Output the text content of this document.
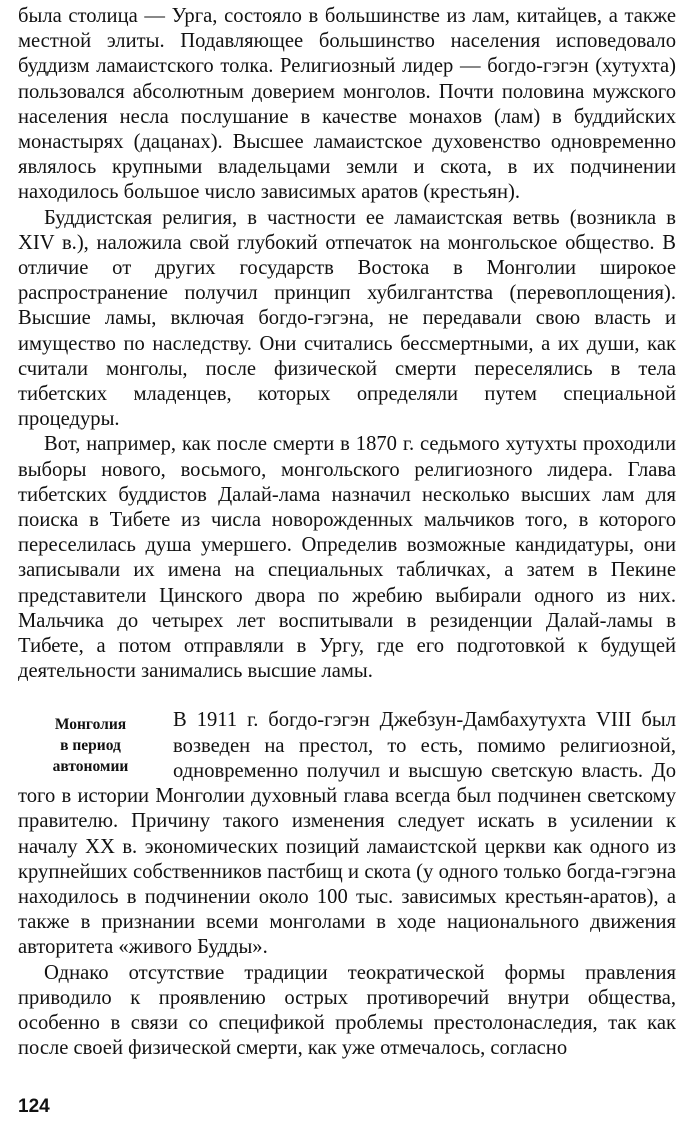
была столица — Урга, состояло в большинстве из лам, китайцев, а также местной элиты. Подавляющее большинство населения исповедовало буддизм ламаистского толка. Религиозный лидер — богдо-гэгэн (хутухта) пользовался абсолютным доверием монголов. Почти половина мужского населения несла послушание в качестве монахов (лам) в буддийских монастырях (дацанах). Высшее ламаистское духовенство одновременно являлось крупными владельцами земли и скота, в их подчинении находилось большое число зависимых аратов (крестьян).

Буддистская религия, в частности ее ламаистская ветвь (возникла в XIV в.), наложила свой глубокий отпечаток на монгольское общество. В отличие от других государств Востока в Монголии широкое распространение получил принцип хубилгантства (перевоплощения). Высшие ламы, включая богдо-гэгэна, не передавали свою власть и имущество по наследству. Они считались бессмертными, а их души, как считали монголы, после физической смерти переселялись в тела тибетских младенцев, которых определяли путем специальной процедуры.

Вот, например, как после смерти в 1870 г. седьмого хутухты проходили выборы нового, восьмого, монгольского религиозного лидера. Глава тибетских буддистов Далай-лама назначил несколько высших лам для поиска в Тибете из числа новорожденных мальчиков того, в которого переселилась душа умершего. Определив возможные кандидатуры, они записывали их имена на специальных табличках, а затем в Пекине представители Цинского двора по жребию выбирали одного из них. Мальчика до четырех лет воспитывали в резиденции Далай-ламы в Тибете, а потом отправляли в Ургу, где его подготовкой к будущей деятельности занимались высшие ламы.

Монголия
в период
автономии

В 1911 г. богдо-гэгэн Джебзун-Дамбахутухта VIII был возведен на престол, то есть, помимо религиозной, одновременно получил и высшую светскую власть. До того в истории Монголии духовный глава всегда был подчинен светскому правителю. Причину такого изменения следует искать в усилении к началу XX в. экономических позиций ламаистской церкви как одного из крупнейших собственников пастбищ и скота (у одного только богда-гэгэна находилось в подчинении около 100 тыс. зависимых крестьян-аратов), а также в признании всеми монголами в ходе национального движения авторитета «живого Будды».

Однако отсутствие традиции теократической формы правления приводило к проявлению острых противоречий внутри общества, особенно в связи со спецификой проблемы престолонаследия, так как после своей физической смерти, как уже отмечалось, согласно

124
